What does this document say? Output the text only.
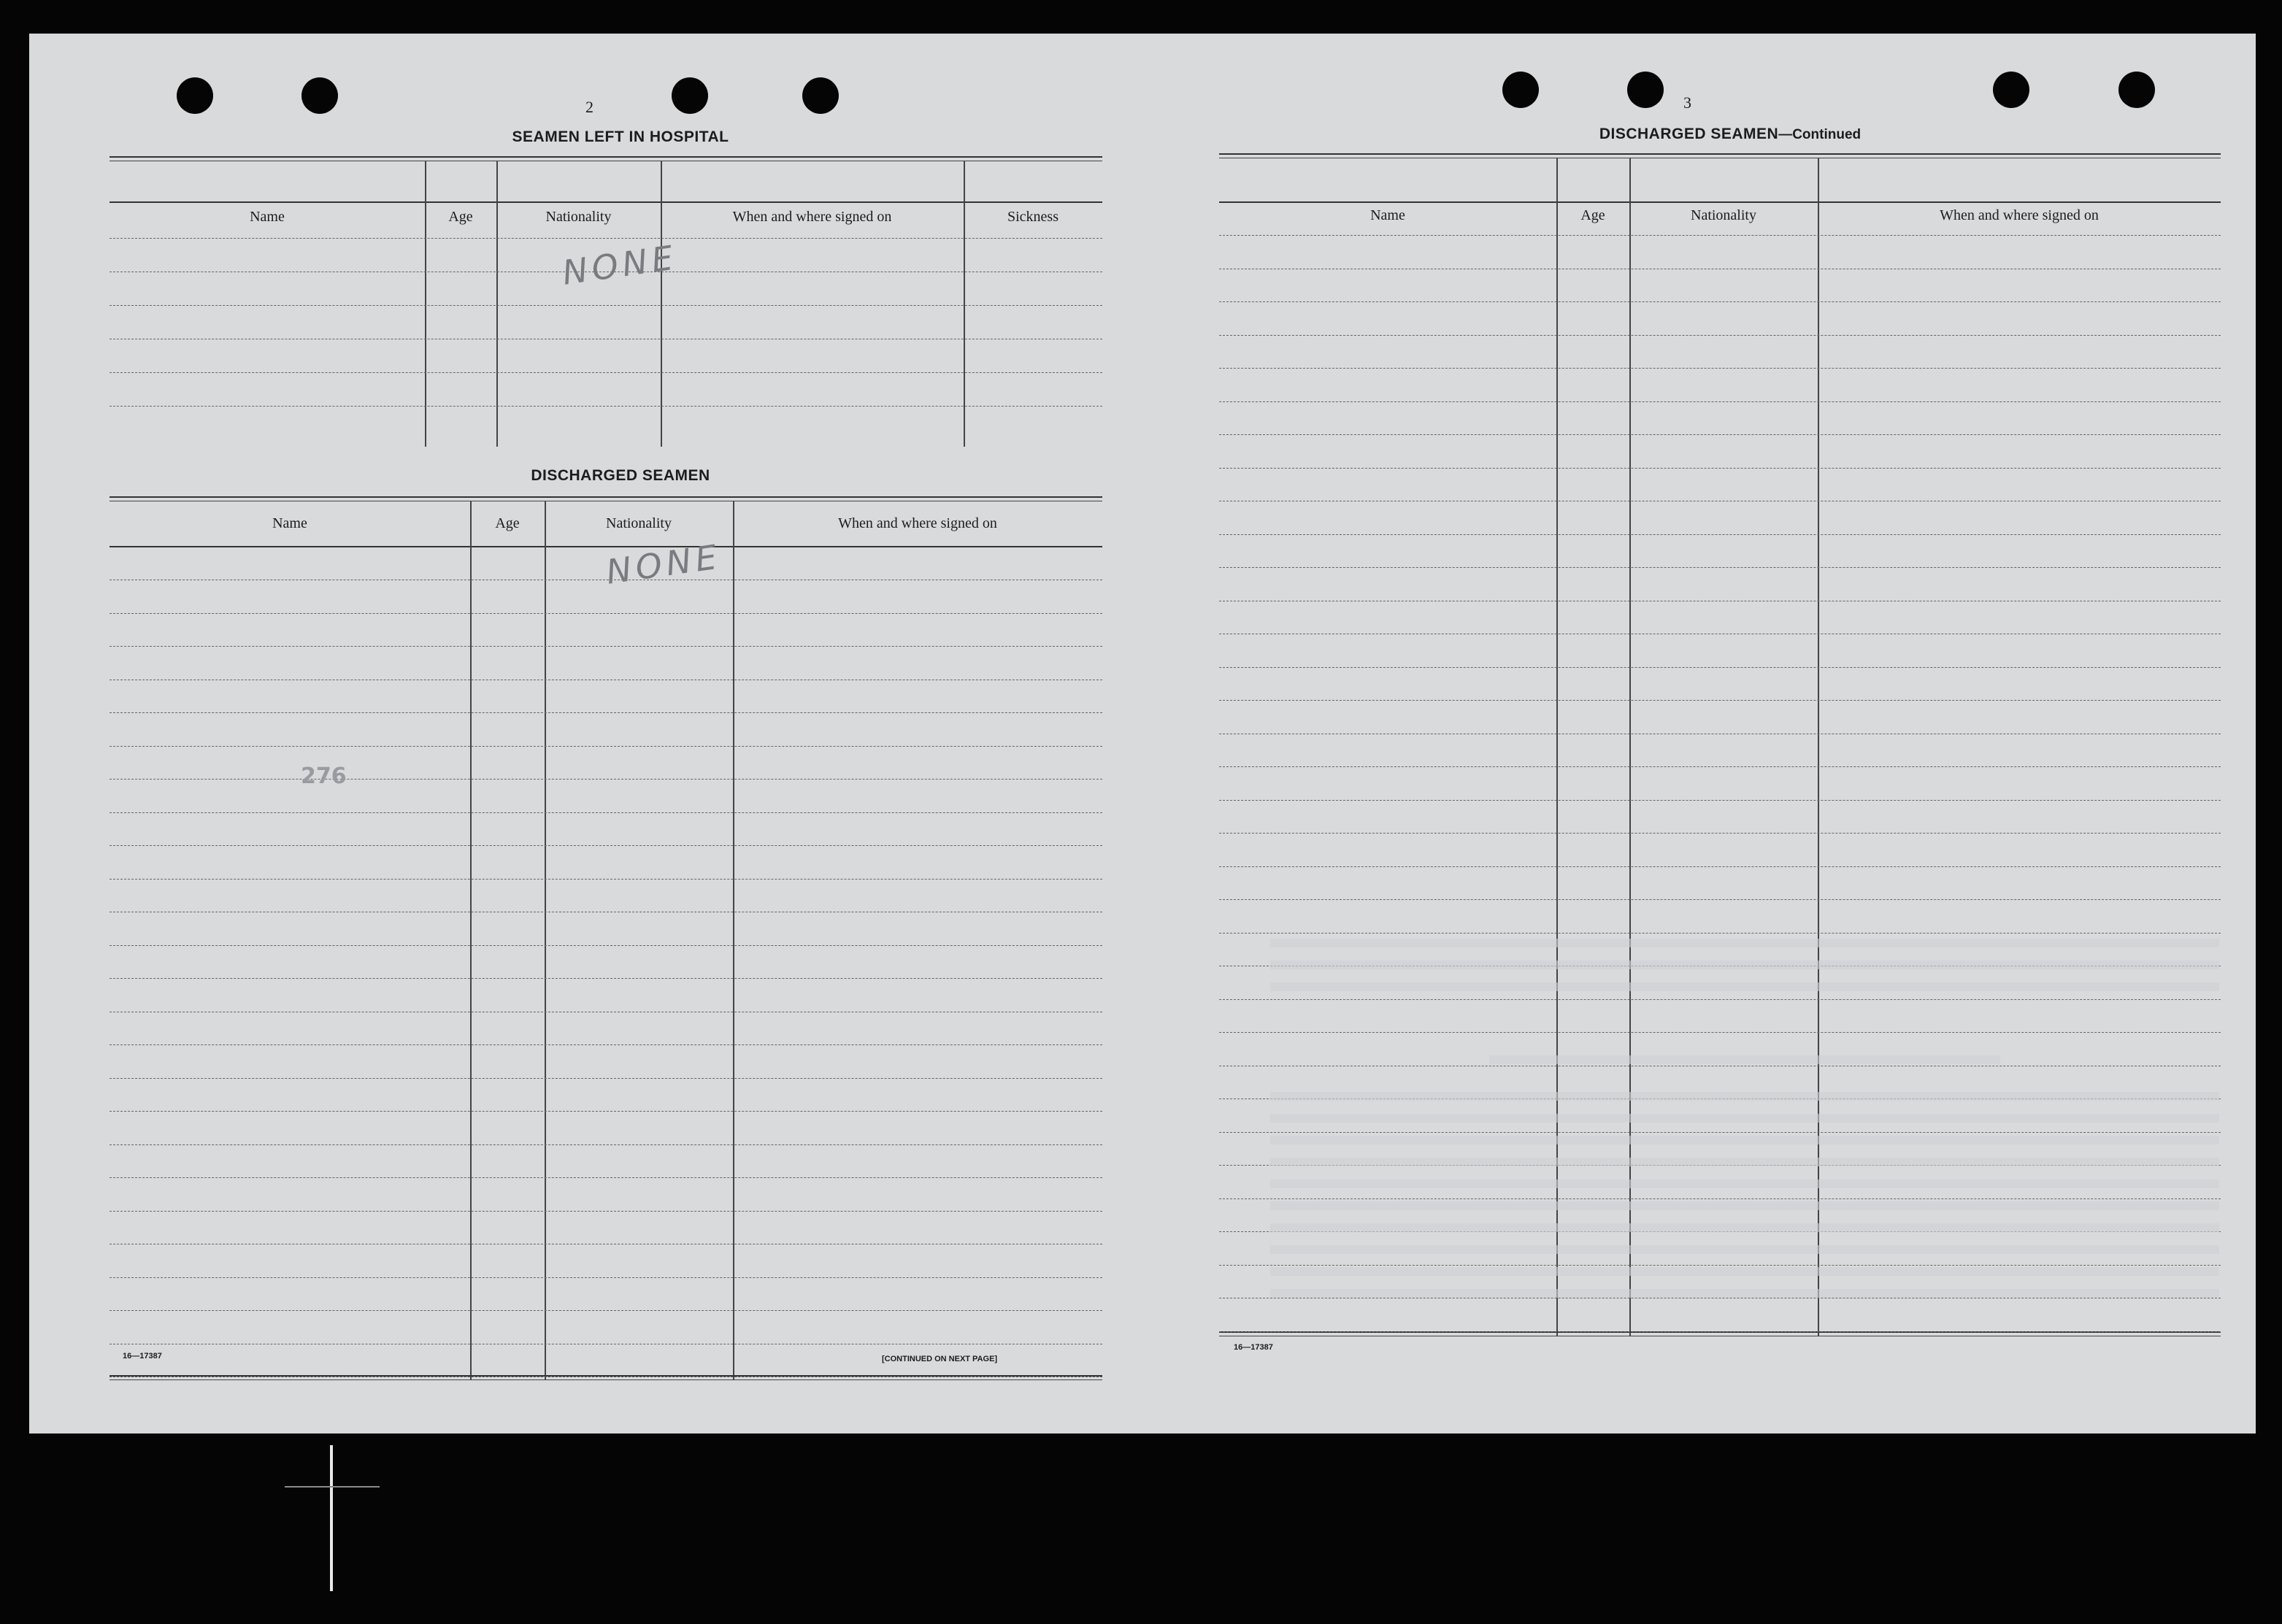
2
SEAMEN LEFT IN HOSPITAL
Name	Age	Nationality	When and where signed on	Sickness
NONE
DISCHARGED SEAMEN
Name	Age	Nationality	When and where signed on
NONE
276
16—17387	[CONTINUED ON NEXT PAGE]
3
DISCHARGED SEAMEN—Continued
Name	Age	Nationality	When and where signed on
16—17387
